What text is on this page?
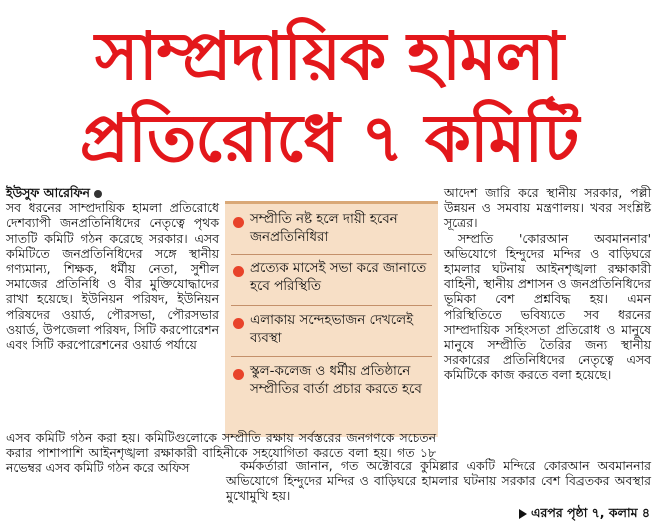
সাম্প্রদায়িক হামলা
প্রতিরোধে ৭ কমিটি

ইউসুফ আরেফিন

সব ধরনের সাম্প্রদায়িক হামলা প্রতিরোধে দেশব্যাপী জনপ্রতিনিধিদের নেতৃত্বে পৃথক সাতটি কমিটি গঠন করেছে সরকার। এসব কমিটিতে জনপ্রতিনিধিদের সঙ্গে স্থানীয় গণ্যমান্য, শিক্ষক, ধর্মীয় নেতা, সুশীল সমাজের প্রতিনিধি ও বীর মুক্তিযোদ্ধাদের রাখা হয়েছে। ইউনিয়ন পরিষদ, ইউনিয়ন পরিষদের ওয়ার্ড, পৌরসভা, পৌরসভার ওয়ার্ড, উপজেলা পরিষদ, সিটি করপোরেশন এবং সিটি করপোরেশনের ওয়ার্ড পর্যায়ে

সম্প্রীতি নষ্ট হলে দায়ী হবেন জনপ্রতিনিধিরা
প্রত্যেক মাসেই সভা করে জানাতে হবে পরিস্থিতি
এলাকায় সন্দেহভাজন দেখলেই ব্যবস্থা
স্কুল-কলেজ ও ধর্মীয় প্রতিষ্ঠানে সম্প্রীতির বার্তা প্রচার করতে হবে

আদেশ জারি করে স্থানীয় সরকার, পল্লী উন্নয়ন ও সমবায় মন্ত্রণালয়। খবর সংশ্লিষ্ট সূত্রের।

সম্প্রতি 'কোরআন অবমাননার' অভিযোগে হিন্দুদের মন্দির ও বাড়িঘরে হামলার ঘটনায় আইনশৃঙ্খলা রক্ষাকারী বাহিনী, স্থানীয় প্রশাসন ও জনপ্রতিনিধিদের ভূমিকা বেশ প্রশ্নবিদ্ধ হয়। এমন পরিস্থিতিতে ভবিষ্যতে সব ধরনের সাম্প্রদায়িক সহিংসতা প্রতিরোধ ও মানুষে মানুষে সম্প্রীতি তৈরির জন্য স্থানীয় সরকারের প্রতিনিধিদের নেতৃত্বে এসব কমিটিকে কাজ করতে বলা হয়েছে।

এসব কমিটি গঠন করা হয়। কমিটিগুলোকে সম্প্রীতি রক্ষায় সর্বস্তরের জনগণকে সচেতন করার পাশাপাশি আইনশৃঙ্খলা রক্ষাকারী বাহিনীকে সহযোগিতা করতে বলা হয়। গত ১৮ নভেম্বর এসব কমিটি গঠন করে অফিস	কর্মকর্তারা জানান, গত অক্টোবরে কুমিল্লার একটি মন্দিরে কোরআন অবমাননার অভিযোগে হিন্দুদের মন্দির ও বাড়িঘরে হামলার ঘটনায় সরকার বেশ বিব্রতকর অবস্থার মুখোমুখি হয়।

এরপর পৃষ্ঠা ৭, কলাম ৪
